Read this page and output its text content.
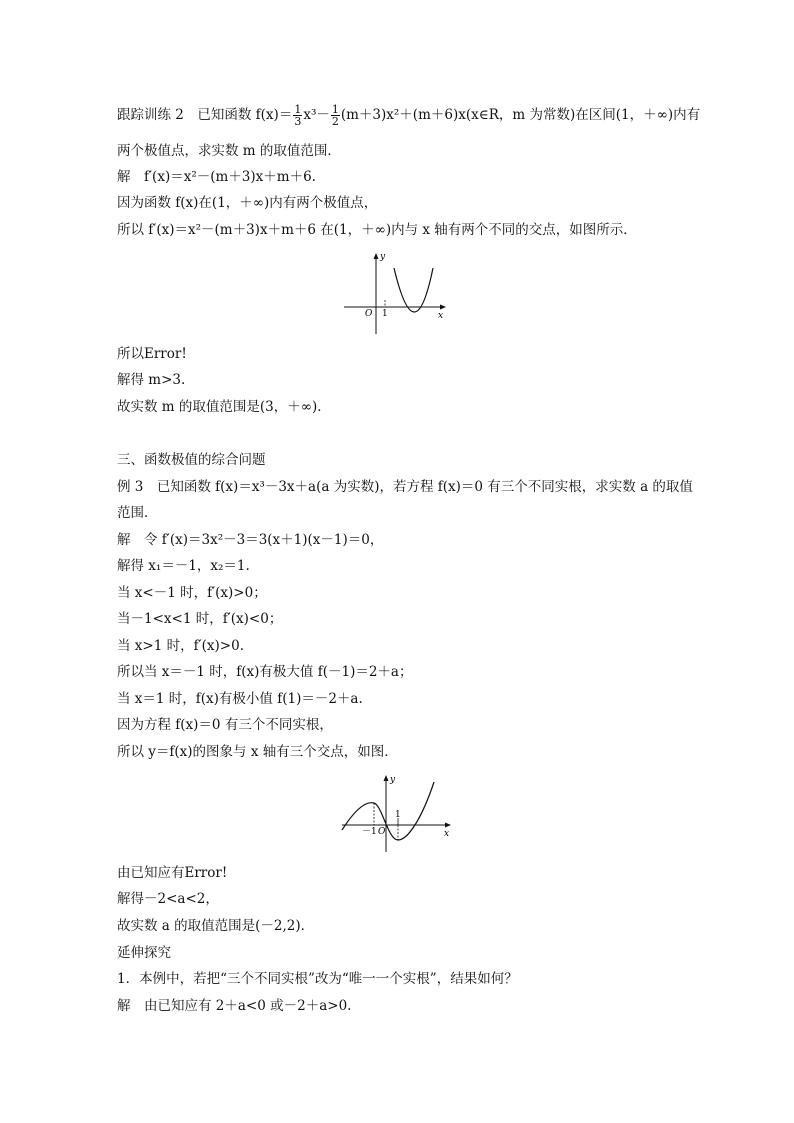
跟踪训练 2　已知函数 $f(x)= \frac{1}{3} x^3- \frac{1}{2}$ (m＋3)x²＋(m＋6)x(x∈R，m 为常数)在区间(1，＋∞)内有
两个极值点，求实数 m 的取值范围．
解　f′(x)＝x²－(m＋3)x＋m＋6.
因为函数 f(x)在(1，＋∞)内有两个极值点，
所以 f′(x)＝x²－(m＋3)x＋m＋6 在(1，＋∞)内与 x 轴有两个不同的交点，如图所示．
y
x
O 1
所以Error!
解得 m>3.
故实数 m 的取值范围是(3，＋∞)．
三、函数极值的综合问题
例 3　已知函数 f(x)＝x³－3x＋a(a 为实数)，若方程 f(x)＝0 有三个不同实根，求实数 a 的取值
范围．
解　令 f′(x)＝3x²－3＝3(x＋1)(x－1)＝0，
解得 x₁＝－1，x₂＝1.
当 x<－1 时，f′(x)>0；
当－1<x<1 时，f′(x)<0；
当 x>1 时，f′(x)>0.
所以当 x＝－1 时，f(x)有极大值 f(－1)＝2＋a；
当 x＝1 时，f(x)有极小值 f(1)＝－2＋a.
因为方程 f(x)＝0 有三个不同实根，
所以 y＝f(x)的图象与 x 轴有三个交点，如图．
y
x
O
－1
1
由已知应有Error!
解得－2<a<2，
故实数 a 的取值范围是(－2,2)．
延伸探究
1．本例中，若把“三个不同实根”改为“唯一一个实根”，结果如何？
解　由已知应有 2＋a<0 或－2＋a>0.
